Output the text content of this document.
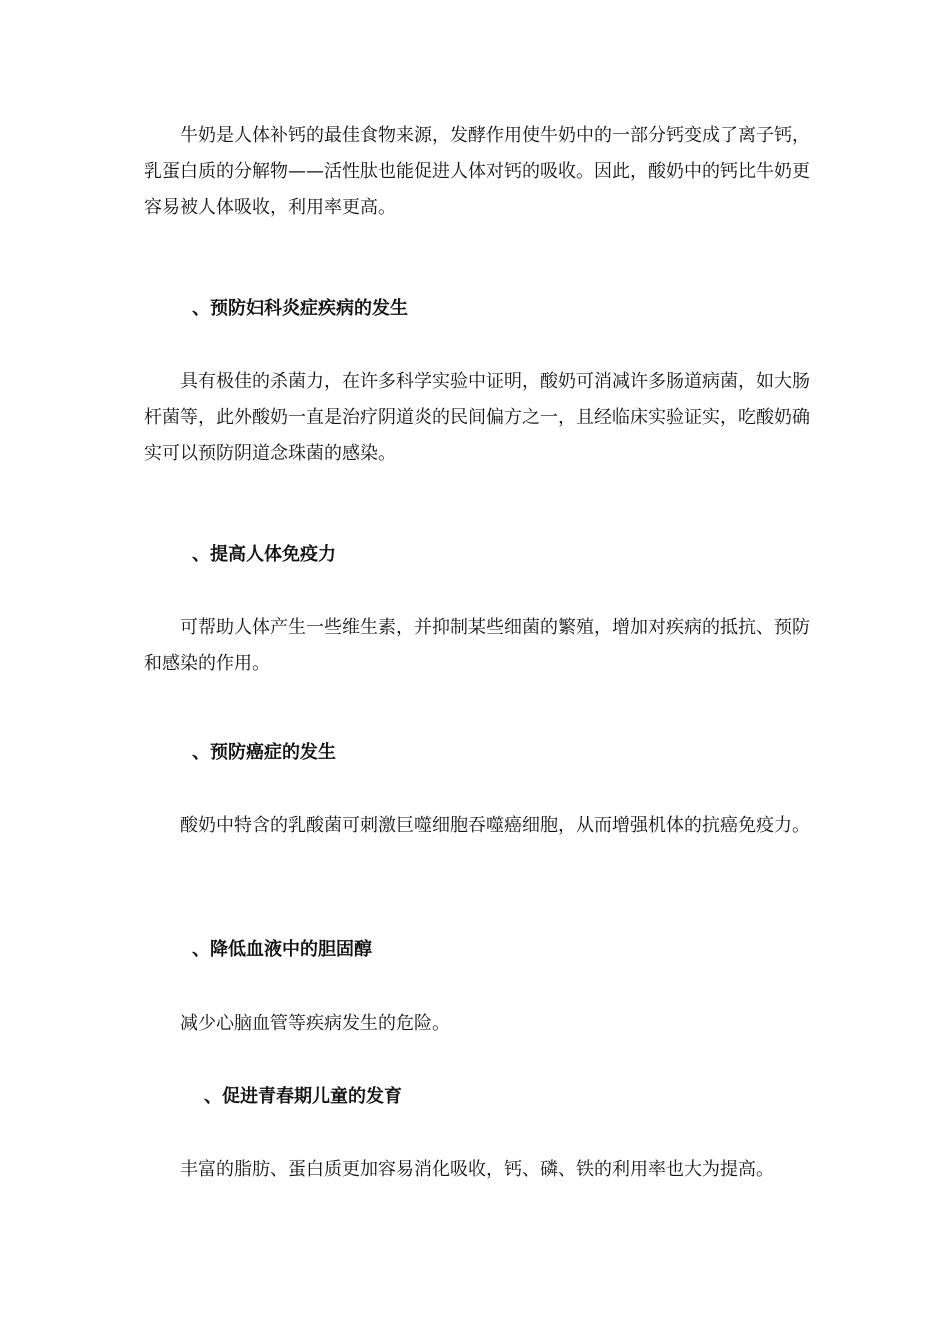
牛奶是人体补钙的最佳食物来源，发酵作用使牛奶中的一部分钙变成了离子钙，乳蛋白质的分解物——活性肽也能促进人体对钙的吸收。因此，酸奶中的钙比牛奶更容易被人体吸收，利用率更高。

、预防妇科炎症疾病的发生

具有极佳的杀菌力，在许多科学实验中证明，酸奶可消减许多肠道病菌，如大肠杆菌等，此外酸奶一直是治疗阴道炎的民间偏方之一，且经临床实验证实，吃酸奶确实可以预防阴道念珠菌的感染。

、提高人体免疫力

可帮助人体产生一些维生素，并抑制某些细菌的繁殖，增加对疾病的抵抗、预防和感染的作用。

、预防癌症的发生

酸奶中特含的乳酸菌可刺激巨噬细胞吞噬癌细胞，从而增强机体的抗癌免疫力。

、降低血液中的胆固醇

减少心脑血管等疾病发生的危险。

、促进青春期儿童的发育

丰富的脂肪、蛋白质更加容易消化吸收，钙、磷、铁的利用率也大为提高。
